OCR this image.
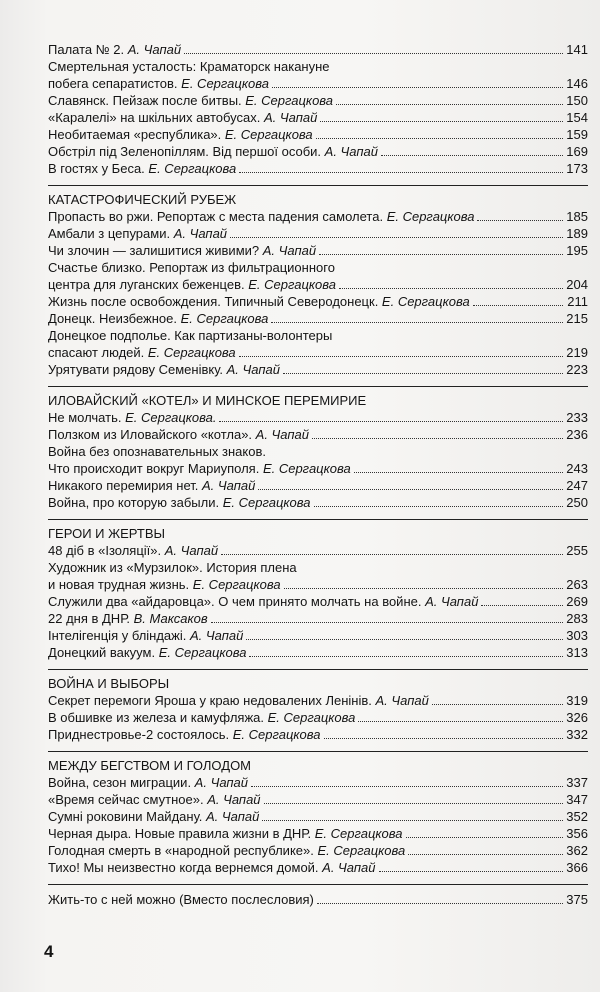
Палата № 2. А. Чапай	141
Смертельная усталость: Краматорск накануне
побега сепаратистов. Е. Сергацкова	146
Славянск. Пейзаж после битвы. Е. Сергацкова	150
«Каралелі» на шкільних автобусах. А. Чапай	154
Необитаемая «республика». Е. Сергацкова	159
Обстріл під Зеленопіллям. Від першої особи. А. Чапай	169
В гостях у Беса. Е. Сергацкова	173
КАТАСТРОФИЧЕСКИЙ РУБЕЖ
Пропасть во ржи. Репортаж с места падения самолета. Е. Сергацкова	185
Амбали з цепурами. А. Чапай	189
Чи злочин — залишитися живими? А. Чапай	195
Счастье близко. Репортаж из фильтрационного
центра для луганских беженцев. Е. Сергацкова	204
Жизнь после освобождения. Типичный Северодонецк. Е. Сергацкова	211
Донецк. Неизбежное. Е. Сергацкова	215
Донецкое подполье. Как партизаны-волонтеры
спасают людей. Е. Сергацкова	219
Урятувати рядову Семенівку. А. Чапай	223
ИЛОВАЙСКИЙ «КОТЕЛ» И МИНСКОЕ ПЕРЕМИРИЕ
Не молчать. Е. Сергацкова.	233
Ползком из Иловайского «котла». А. Чапай	236
Война без опознавательных знаков.
Что происходит вокруг Мариуполя. Е. Сергацкова	243
Никакого перемирия нет. А. Чапай	247
Война, про которую забыли. Е. Сергацкова	250
ГЕРОИ И ЖЕРТВЫ
48 діб в «Ізоляції». А. Чапай	255
Художник из «Мурзилок». История плена
и новая трудная жизнь. Е. Сергацкова	263
Служили два «айдаровца». О чем принято молчать на войне. А. Чапай	269
22 дня в ДНР. В. Максаков	283
Інтелігенція у бліндажі. А. Чапай	303
Донецкий вакуум. Е. Сергацкова	313
ВОЙНА И ВЫБОРЫ
Секрет перемоги Яроша у краю недовалених Ленінів. А. Чапай	319
В обшивке из железа и камуфляжа. Е. Сергацкова	326
Приднестровье-2 состоялось. Е. Сергацкова	332
МЕЖДУ БЕГСТВОМ И ГОЛОДОМ
Война, сезон миграции. А. Чапай	337
«Время сейчас смутное». А. Чапай	347
Сумні роковини Майдану. А. Чапай	352
Черная дыра. Новые правила жизни в ДНР. Е. Сергацкова	356
Голодная смерть в «народной республике». Е. Сергацкова	362
Тихо! Мы неизвестно когда вернемся домой. А. Чапай	366
Жить-то с ней можно (Вместо послесловия)	375
4
